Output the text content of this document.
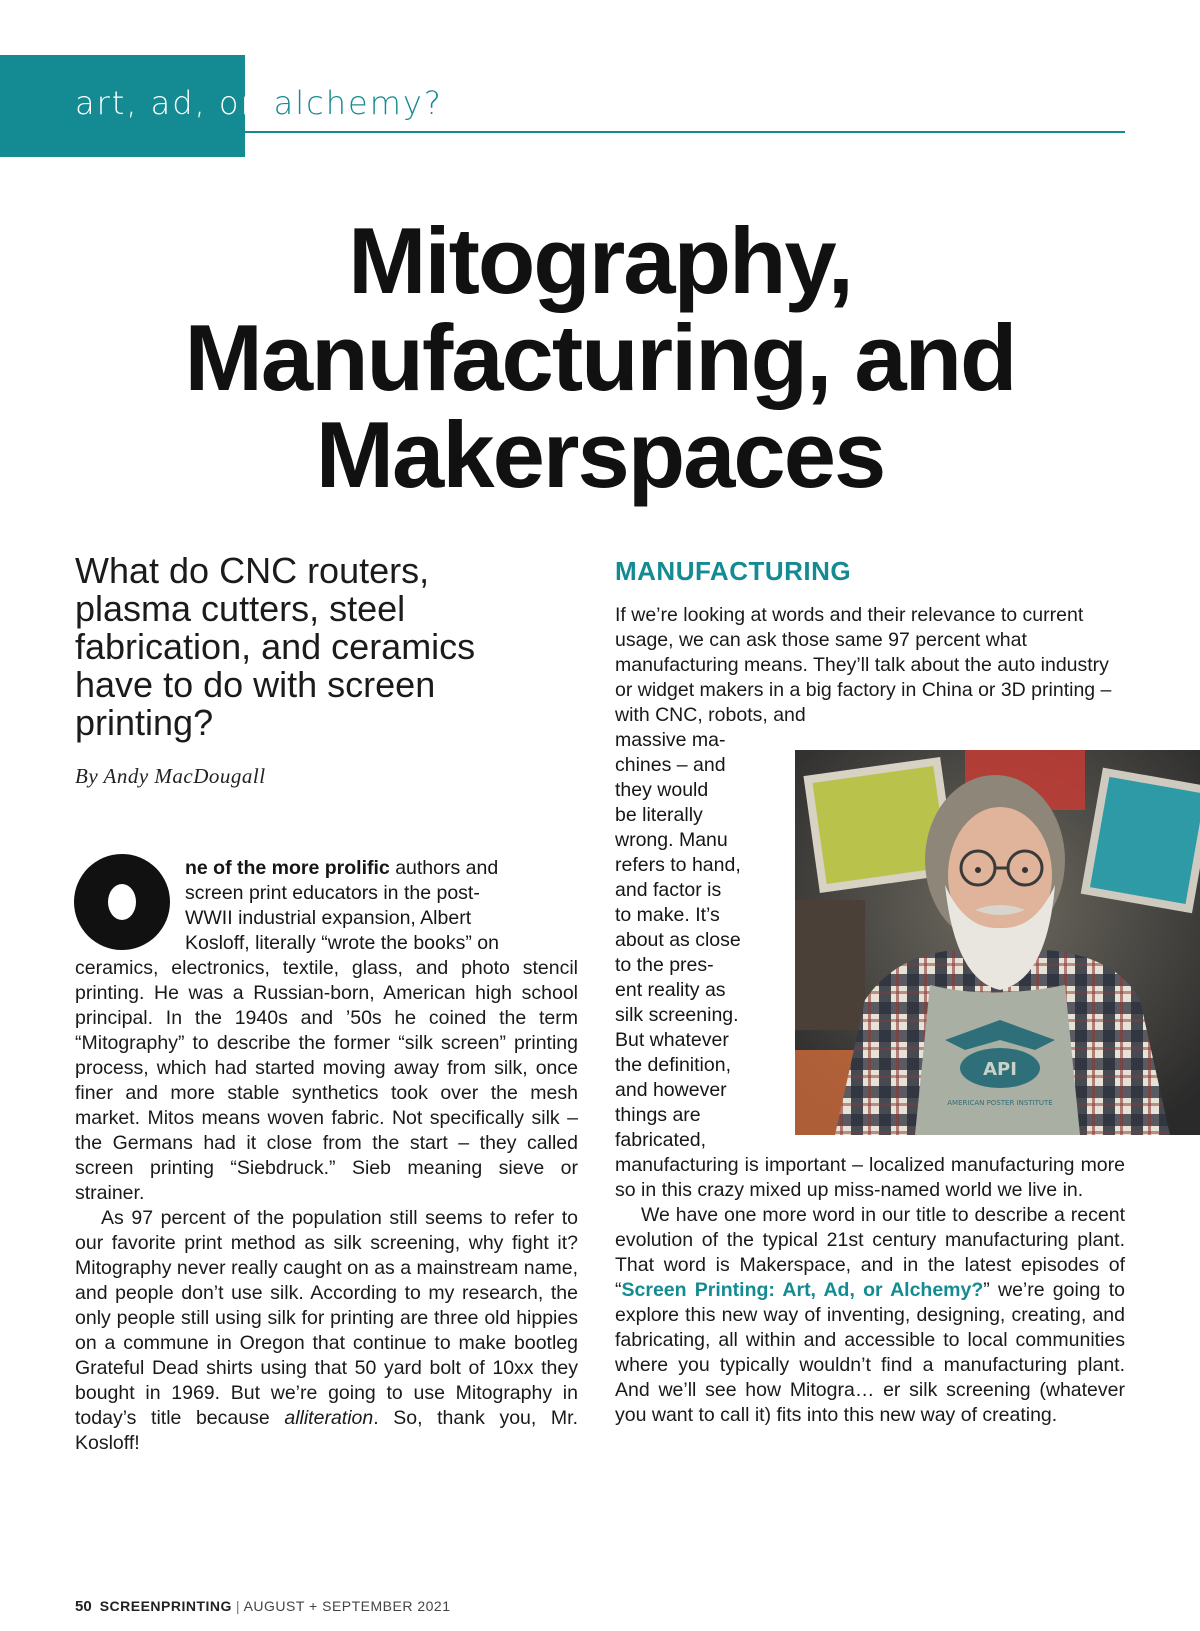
art, ad, or alchemy?
Mitography,
Manufacturing, and
Makerspaces
What do CNC routers, plasma cutters, steel fabrication, and ceramics have to do with screen printing?
By Andy MacDougall
ne of the more prolific authors and
screen print educators in the post-
WWII industrial expansion, Albert
Kosloff, literally “wrote the books” on

ceramics, electronics, textile, glass, and photo stencil printing. He was a Russian-born, American high school principal. In the 1940s and ’50s he coined the term “Mitography” to describe the former “silk screen” printing process, which had started moving away from silk, once finer and more stable synthetics took over the mesh market. Mitos means woven fabric. Not specifically silk – the Germans had it close from the start – they called screen printing “Siebdruck.” Sieb meaning sieve or strainer.

As 97 percent of the population still seems to refer to our favorite print method as silk screening, why fight it? Mitography never really caught on as a mainstream name, and people don’t use silk. According to my research, the only people still using silk for printing are three old hippies on a commune in Oregon that continue to make bootleg Grateful Dead shirts using that 50 yard bolt of 10xx they bought in 1969. But we’re going to use Mitography in today’s title because alliteration. So, thank you, Mr. Kosloff!

MANUFACTURING

If we’re looking at words and their relevance to current usage, we can ask those same 97 percent what manufacturing means. They’ll talk about the auto industry or widget makers in a big factory in China or 3D printing – with CNC, robots, and

massive ma-
chines – and
they would
be literally
wrong. Manu
refers to hand,
and factor is
to make. It’s
about as close
to the pres-
ent reality as
silk screening.
But whatever
the definition,
and however
things are
fabricated,
API
AMERICAN POSTER INSTITUTE

manufacturing is important – localized manufacturing more so in this crazy mixed up miss-named world we live in.

We have one more word in our title to describe a recent evolution of the typical 21st century manufacturing plant. That word is Makerspace, and in the latest episodes of “Screen Printing: Art, Ad, or Alchemy?” we’re going to explore this new way of inventing, designing, creating, and fabricating, all within and accessible to local communities where you typically wouldn’t find a manufacturing plant. And we’ll see how Mitogra… er silk screening (whatever you want to call it) fits into this new way of creating.

50 SCREENPRINTING | AUGUST + SEPTEMBER 2021
